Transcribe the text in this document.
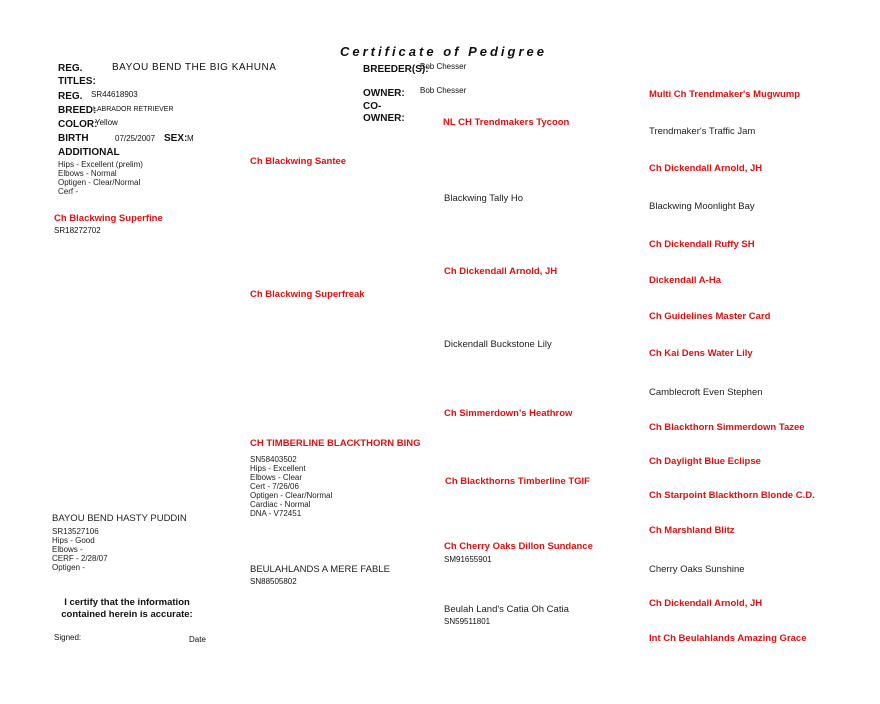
Certificate of Pedigree
REG.	BAYOU BEND THE BIG KAHUNA
TITLES:
REG. SR44618903
BREED:
LABRADOR RETRIEVER
COLOR:
Yellow
BIRTH	07/25/2007 SEX: M
ADDITIONAL
Hips - Excellent (prelim)
Elbows - Normal
Optigen - Clear/Normal
Cerf -
BREEDER(S):
Bob Chesser
OWNER: Bob Chesser
CO-
OWNER:
Ch Blackwing Superfine
SR18272702
BAYOU BEND HASTY PUDDIN
SR13527106
Hips - Good
Elbows -
CERF - 2/28/07
Optigen -
Ch Blackwing Santee
Ch Blackwing Superfreak
CH TIMBERLINE BLACKTHORN BING
SN58403502
Hips - Excellent
Elbows - Clear
Cert - 7/26/06
Optigen - Clear/Normal
Cardiac - Normal
DNA - V72451
BEULAHLANDS A MERE FABLE
SN88505802
NL CH Trendmakers Tycoon
Blackwing Tally Ho
Ch Dickendall Arnold, JH
Dickendall Buckstone Lily
Ch Simmerdown's Heathrow
Ch Blackthorns Timberline TGIF
Ch Cherry Oaks Dillon Sundance
SM91655901
Beulah Land's Catia Oh Catia
SN59511801
Multi Ch Trendmaker's Mugwump
Trendmaker's Traffic Jam
Ch Dickendall Arnold, JH
Blackwing Moonlight Bay
Ch Dickendall Ruffy SH
Dickendall A-Ha
Ch Guidelines Master Card
Ch Kai Dens Water Lily
Camblecroft Even Stephen
Ch Blackthorn Simmerdown Tazee
Ch Daylight Blue Eclipse
Ch Starpoint Blackthorn Blonde C.D.
Ch Marshland Blitz
Cherry Oaks Sunshine
Ch Dickendall Arnold, JH
Int Ch Beulahlands Amazing Grace
I certify that the information
contained herein is accurate:
Signed:	Date
